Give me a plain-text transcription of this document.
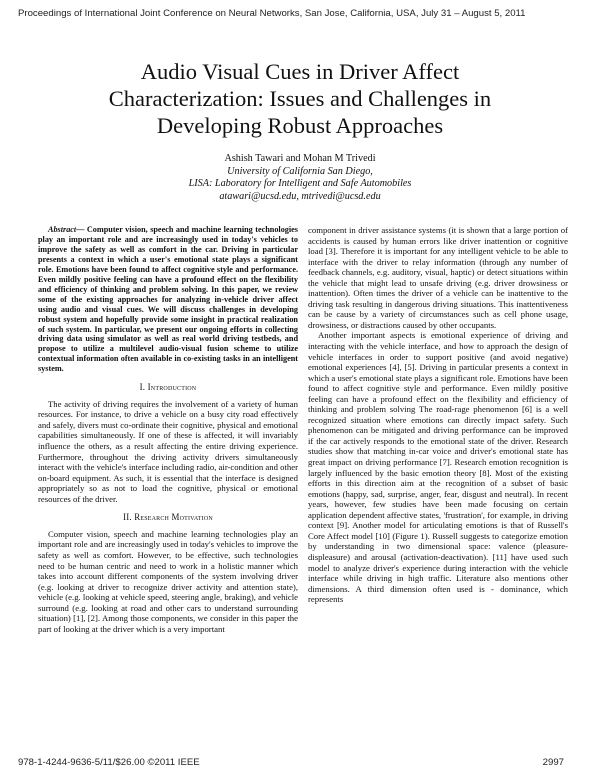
Proceedings of International Joint Conference on Neural Networks, San Jose, California, USA, July 31 – August 5, 2011
Audio Visual Cues in Driver Affect
Characterization: Issues and Challenges in
Developing Robust Approaches
Ashish Tawari and Mohan M Trivedi
University of California San Diego,
LISA: Laboratory for Intelligent and Safe Automobiles
atawari@ucsd.edu, mtrivedi@ucsd.edu

Abstract— Computer vision, speech and machine learning technologies play an important role and are increasingly used in today's vehicles to improve the safety as well as comfort in the car. Driving in particular presents a context in which a user's emotional state plays a significant role. Emotions have been found to affect cognitive style and performance. Even mildly positive feeling can have a profound effect on the flexibility and efficiency of thinking and problem solving. In this paper, we review some of the existing approaches for analyzing in-vehicle driver affect using audio and visual cues. We will discuss challenges in developing robust system and hopefully provide some insight in practical realization of such system. In particular, we present our ongoing efforts in collecting driving data using simulator as well as real world driving testbeds, and propose to utilize a multilevel audio-visual fusion scheme to utilize contextual information often available in co-existing tasks in an intelligent system.

I. Introduction

The activity of driving requires the involvement of a variety of human resources. For instance, to drive a vehicle on a busy city road effectively and safely, divers must co-ordinate their cognitive, physical and emotional capabilities simultaneously. If one of these is affected, it will invariably influence the others, as a result affecting the entire driving experience. Furthermore, throughout the driving activity drivers simultaneously interact with the vehicle's interface including radio, air-condition and other on-board equipment. As such, it is essential that the interface is designed appropriately so as not to load the cognitive, physical or emotional resources of the driver.

II. Research Motivation

Computer vision, speech and machine learning technologies play an important role and are increasingly used in today's vehicles to improve the safety as well as comfort. However, to be effective, such technologies need to be human centric and need to work in a holistic manner which takes into account different components of the system involving driver (e.g. looking at driver to recognize driver activity and attention state), vehicle (e.g. looking at vehicle speed, steering angle, braking), and vehicle surround (e.g. looking at road and other cars to understand surrounding situation) [1], [2]. Among those components, we consider in this paper the part of looking at the driver which is a very important

component in driver assistance systems (it is shown that a large portion of accidents is caused by human errors like driver inattention or cognitive load [3]. Therefore it is important for any intelligent vehicle to be able to interface with the driver to relay information (through any number of feedback channels, e.g. auditory, visual, haptic) or detect situations within the vehicle that might lead to unsafe driving (e.g. driver drowsiness or inattention). Often times the driver of a vehicle can be inattentive to the driving task resulting in dangerous driving situations. This inattentiveness can be cause by a variety of circumstances such as cell phone usage, drowsiness, or distractions caused by other occupants.

Another important aspects is emotional experience of driving and interacting with the vehicle interface, and how to approach the design of vehicle interfaces in order to support positive (and avoid negative) emotional experiences [4], [5]. Driving in particular presents a context in which a user's emotional state plays a significant role. Emotions have been found to affect cognitive style and performance. Even mildly positive feeling can have a profound effect on the flexibility and efficiency of thinking and problem solving The road-rage phenomenon [6] is a well recognized situation where emotions can directly impact safety. Such phenomenon can be mitigated and driving performance can be improved if the car actively responds to the emotional state of the driver. Research studies show that matching in-car voice and driver's emotional state has great impact on driving performance [7]. Research emotion recognition is largely influenced by the basic emotion theory [8]. Most of the existing efforts in this direction aim at the recognition of a subset of basic emotions (happy, sad, surprise, anger, fear, disgust and neutral). In recent years, however, few studies have been made focusing on certain application dependent affective states, 'frustration', for example, in driving context [9]. Another model for articulating emotions is that of Russell's Core Affect model [10] (Figure 1). Russell suggests to categorize emotion by understanding in two dimensional space: valence (pleasure-displeasure) and arousal (activation-deactivation). [11] have used such model to analyze driver's experience during interaction with the vehicle interface while driving in high traffic. Literature also mentions other dimensions. A third dimension often used is - dominance, which represents

978-1-4244-9636-5/11/$26.00 ©2011 IEEE	2997
